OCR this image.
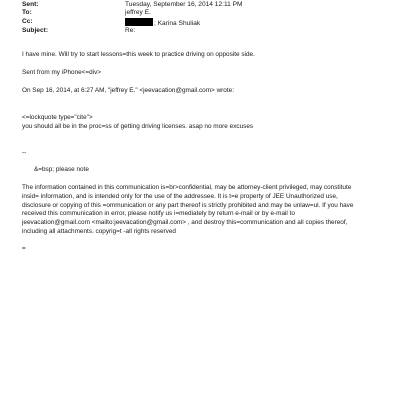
Sent:	Tuesday, September 16, 2014 12:11 PM
To:	jeffrey E.
Cc:	; Karina Shuliak
Subject:	Re:

I have mine. Will try to start lessons=this week to practice driving on opposite side.

Sent from my iPhone<=div>

On Sep 16, 2014, at 6:27 AM, "jeffrey E." <jeevacation@gmail.com> wrote:

<=lockquote type="cite">

you should all be in the proc=ss of getting driving licenses. asap no more excuses

--

&=bsp; please note

The information contained in this communication is=br>confidential, may be attorney-client privileged, may constitute

insid= information, and is intended only for the use of the addressee. It is t=e property of JEE Unauthorized use,

disclosure or copying of this =ommunication or any part thereof is strictly prohibited and may be unlaw=ul. If you have

received this communication in error, please notify us i=mediately by return e-mail or by e-mail to

jeevacation@gmail.com <mailto:jeevacation@gmail.com> , and destroy this=communication and all copies thereof,

including all attachments. copyrig=t -all rights reserved

=
